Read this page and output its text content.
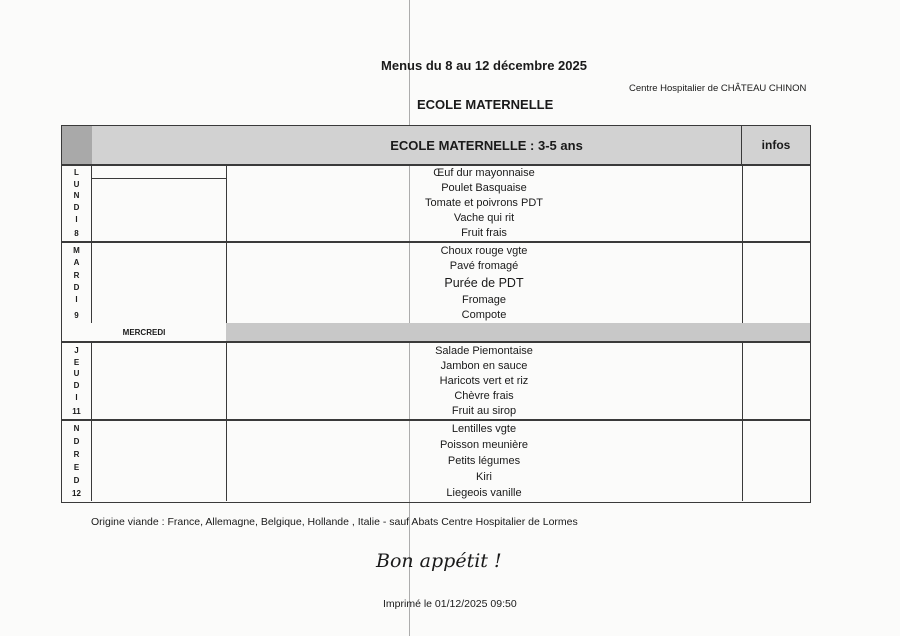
Menus du 8 au 12 décembre 2025
Centre Hospitalier de CHÂTEAU CHINON
ECOLE MATERNELLE
ECOLE MATERNELLE : 3-5 ans	infos
L
U
N
D
I
8
Œuf dur mayonnaise
Poulet Basquaise
Tomate et poivrons PDT
Vache qui rit
Fruit frais
M
A
R
D
I
9
Choux rouge vgte
Pavé fromagé
Purée de PDT
Fromage
Compote
MERCREDI
J
E
U
D
I
11
Salade Piemontaise
Jambon en sauce
Haricots vert et riz
Chèvre frais
Fruit au sirop
N
D
R
E
D
12
Lentilles vgte
Poisson meunière
Petits légumes
Kiri
Liegeois vanille
Origine viande : France, Allemagne, Belgique, Hollande , Italie - sauf Abats Centre Hospitalier de Lormes
Bon appétit !
Imprimé le 01/12/2025 09:50
